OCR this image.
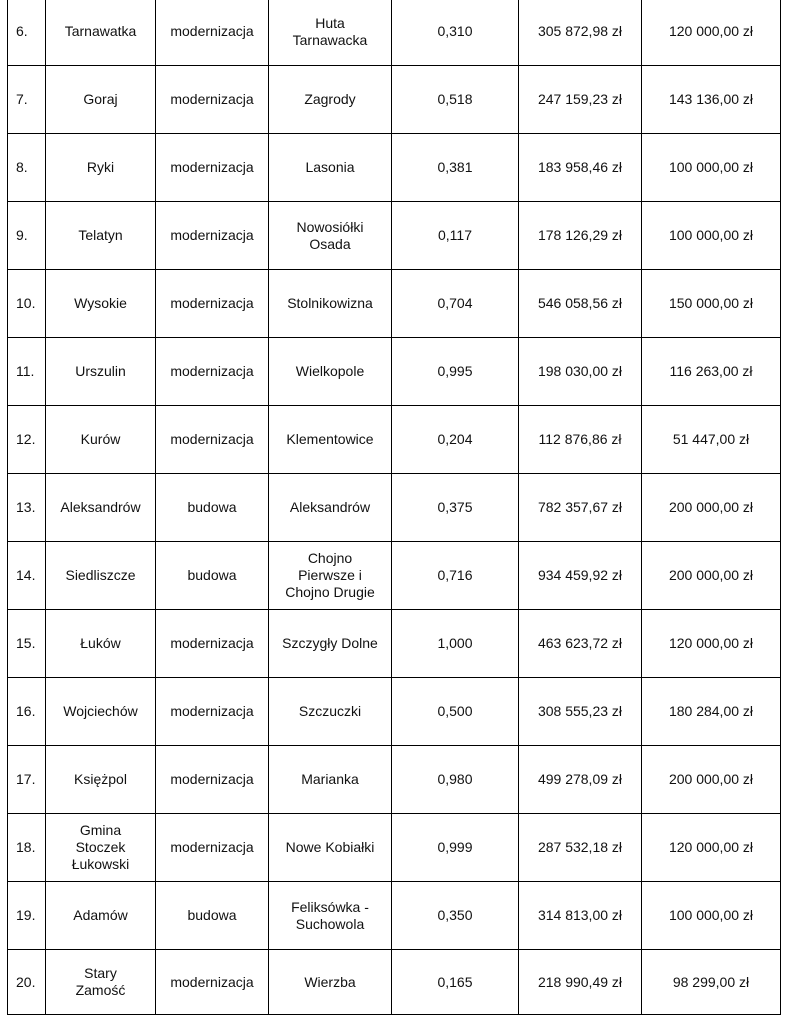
6.	Tarnawatka	modernizacja	Huta
Tarnawacka	0,310	305 872,98 zł	120 000,00 zł
7.	Goraj	modernizacja	Zagrody	0,518	247 159,23 zł	143 136,00 zł
8.	Ryki	modernizacja	Lasonia	0,381	183 958,46 zł	100 000,00 zł
9.	Telatyn	modernizacja	Nowosiółki
Osada	0,117	178 126,29 zł	100 000,00 zł
10.	Wysokie	modernizacja	Stolnikowizna	0,704	546 058,56 zł	150 000,00 zł
11.	Urszulin	modernizacja	Wielkopole	0,995	198 030,00 zł	116 263,00 zł
12.	Kurów	modernizacja	Klementowice	0,204	112 876,86 zł	51 447,00 zł
13.	Aleksandrów	budowa	Aleksandrów	0,375	782 357,67 zł	200 000,00 zł
14.	Siedliszcze	budowa	Chojno
Pierwsze i
Chojno Drugie	0,716	934 459,92 zł	200 000,00 zł
15.	Łuków	modernizacja	Szczygły Dolne	1,000	463 623,72 zł	120 000,00 zł
16.	Wojciechów	modernizacja	Szczuczki	0,500	308 555,23 zł	180 284,00 zł
17.	Księżpol	modernizacja	Marianka	0,980	499 278,09 zł	200 000,00 zł
18.	Gmina
Stoczek
Łukowski	modernizacja	Nowe Kobiałki	0,999	287 532,18 zł	120 000,00 zł
19.	Adamów	budowa	Feliksówka -
Suchowola	0,350	314 813,00 zł	100 000,00 zł
20.	Stary
Zamość	modernizacja	Wierzba	0,165	218 990,49 zł	98 299,00 zł
